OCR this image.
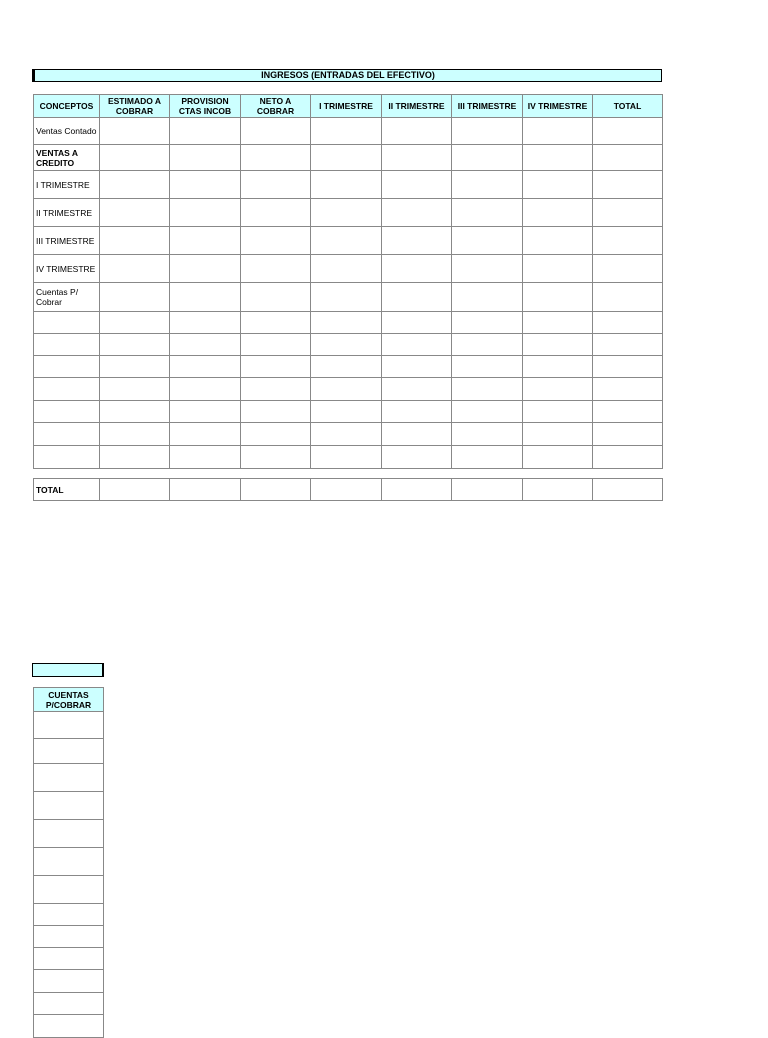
INGRESOS (ENTRADAS DEL EFECTIVO)
CONCEPTOS	ESTIMADO A COBRAR	PROVISION CTAS INCOB	NETO A COBRAR	I TRIMESTRE	II TRIMESTRE	III TRIMESTRE	IV TRIMESTRE	TOTAL
Ventas Contado								
VENTAS A CREDITO								
I TRIMESTRE								
II TRIMESTRE								
III TRIMESTRE								
IV TRIMESTRE								
Cuentas P/ Cobrar								

TOTAL								
CUENTAS P/COBRAR
